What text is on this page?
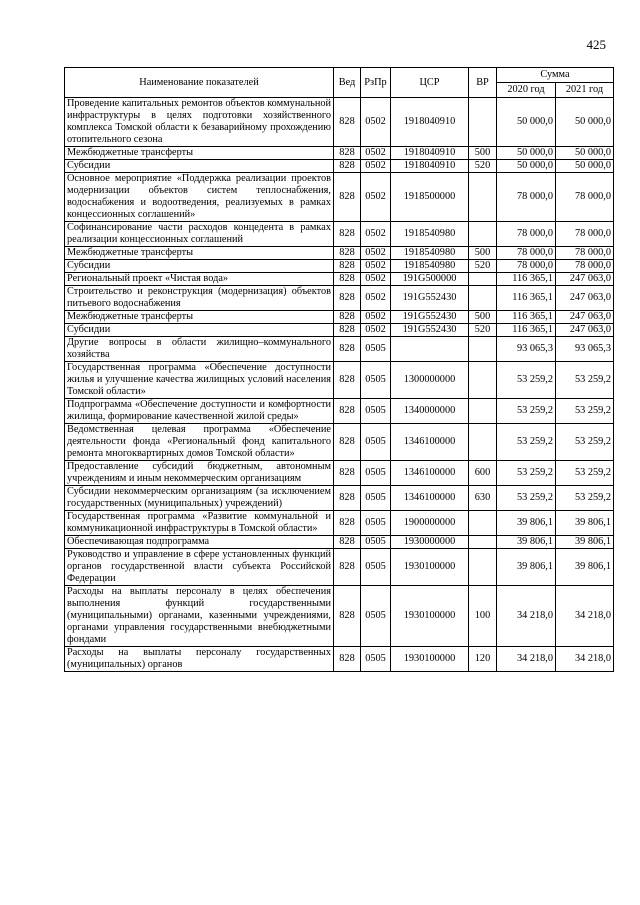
425
Наименование показателей	Вед	РзПр	ЦСР	ВР	Сумма	
					2020 год	2021 год
Проведение капитальных ремонтов объектов коммунальной инфраструктуры в целях подготовки хозяйственного комплекса Томской области к безаварийному прохождению отопительного сезона	828	0502	1918040910		50 000,0	50 000,0
Межбюджетные трансферты	828	0502	1918040910	500	50 000,0	50 000,0
Субсидии	828	0502	1918040910	520	50 000,0	50 000,0
Основное мероприятие «Поддержка реализации проектов модернизации объектов систем теплоснабжения, водоснабжения и водоотведения, реализуемых в рамках концессионных соглашений»	828	0502	1918500000		78 000,0	78 000,0
Софинансирование части расходов концедента в рамках реализации концессионных соглашений	828	0502	1918540980		78 000,0	78 000,0
Межбюджетные трансферты	828	0502	1918540980	500	78 000,0	78 000,0
Субсидии	828	0502	1918540980	520	78 000,0	78 000,0
Региональный проект «Чистая вода»	828	0502	191G500000		116 365,1	247 063,0
Строительство и реконструкция (модернизация) объектов питьевого водоснабжения	828	0502	191G552430		116 365,1	247 063,0
Межбюджетные трансферты	828	0502	191G552430	500	116 365,1	247 063,0
Субсидии	828	0502	191G552430	520	116 365,1	247 063,0
Другие вопросы в области жилищно–коммунального хозяйства	828	0505			93 065,3	93 065,3
Государственная программа «Обеспечение доступности жилья и улучшение качества жилищных условий населения Томской области»	828	0505	1300000000		53 259,2	53 259,2
Подпрограмма «Обеспечение доступности и комфортности жилища, формирование качественной жилой среды»	828	0505	1340000000		53 259,2	53 259,2
Ведомственная целевая программа «Обеспечение деятельности фонда «Региональный фонд капитального ремонта многоквартирных домов Томской области»	828	0505	1346100000		53 259,2	53 259,2
Предоставление субсидий бюджетным, автономным учреждениям и иным некоммерческим организациям	828	0505	1346100000	600	53 259,2	53 259,2
Субсидии некоммерческим организациям (за исключением государственных (муниципальных) учреждений)	828	0505	1346100000	630	53 259,2	53 259,2
Государственная программа «Развитие коммунальной и коммуникационной инфраструктуры в Томской области»	828	0505	1900000000		39 806,1	39 806,1
Обеспечивающая подпрограмма	828	0505	1930000000		39 806,1	39 806,1
Руководство и управление в сфере установленных функций органов государственной власти субъекта Российской Федерации	828	0505	1930100000		39 806,1	39 806,1
Расходы на выплаты персоналу в целях обеспечения выполнения функций государственными (муниципальными) органами, казенными учреждениями, органами управления государственными внебюджетными фондами	828	0505	1930100000	100	34 218,0	34 218,0
Расходы на выплаты персоналу государственных (муниципальных) органов	828	0505	1930100000	120	34 218,0	34 218,0
